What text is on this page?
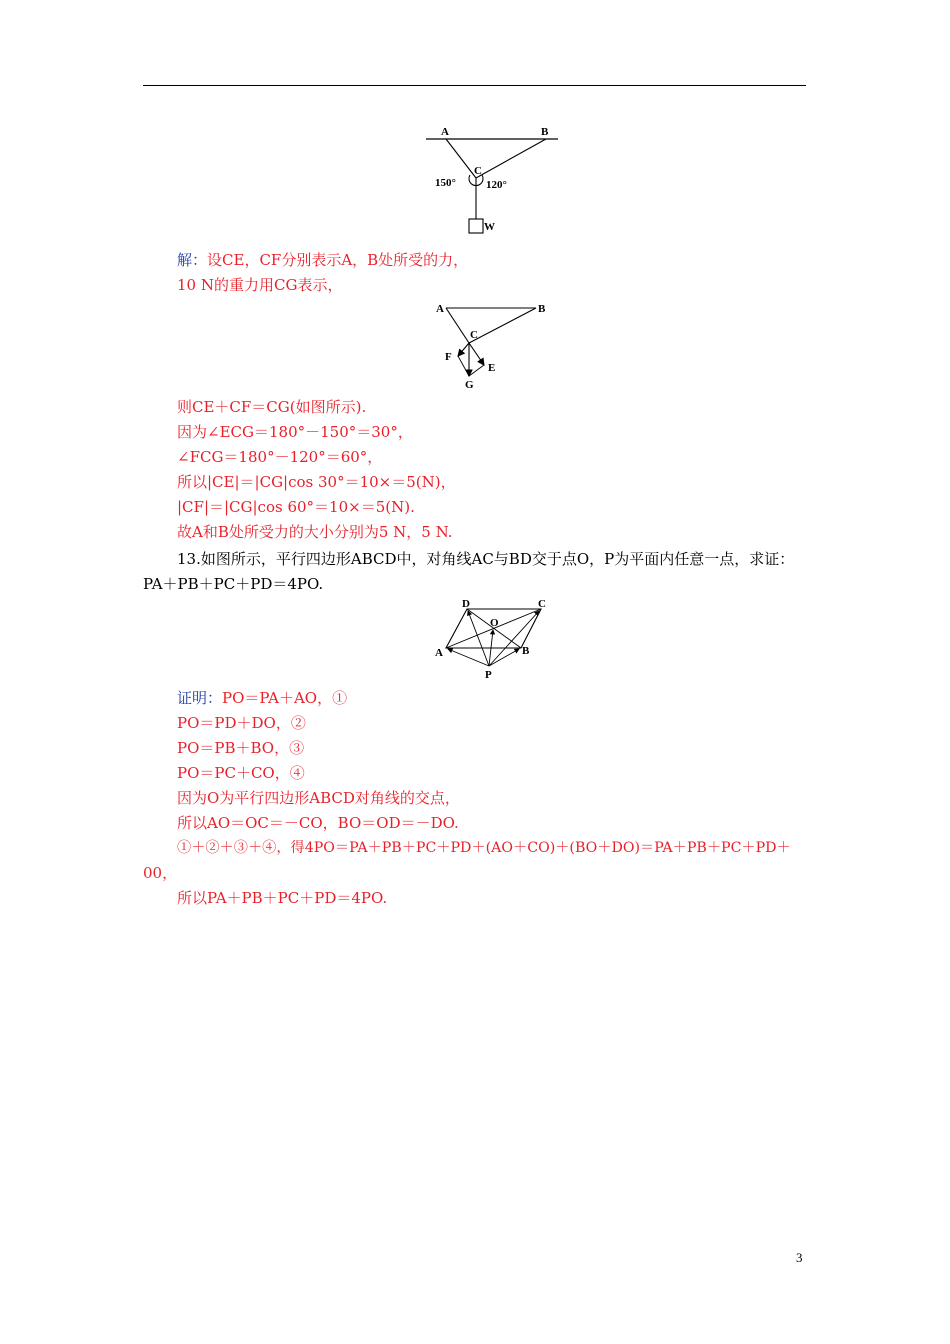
A	B
C
150°	120°
W
解：设CE，CF分别表示A，B处所受的力，
10 N的重力用CG表示，
A	B
C
F
E
G
则CE＋CF＝CG(如图所示).
因为∠ECG＝180°－150°＝30°，
∠FCG＝180°－120°＝60°，
所以|CE|＝|CG|cos 30°＝10×＝5(N)，
|CF|＝|CG|cos 60°＝10×＝5(N).
故A和B处所受力的大小分别为5 N，5 N.
13.如图所示，平行四边形ABCD中，对角线AC与BD交于点O，P为平面内任意一点，求证：
PA＋PB＋PC＋PD＝4PO.
D	C
O
A	B
P
证明：PO＝PA＋AO，①
PO＝PD＋DO，②
PO＝PB＋BO，③
PO＝PC＋CO，④
因为O为平行四边形ABCD对角线的交点，
所以AO＝OC＝－CO，BO＝OD＝－DO.
①＋②＋③＋④，得4PO＝PA＋PB＋PC＋PD＋(AO＋CO)＋(BO＋DO)＝PA＋PB＋PC＋PD＋
00，
所以PA＋PB＋PC＋PD＝4PO.
3
